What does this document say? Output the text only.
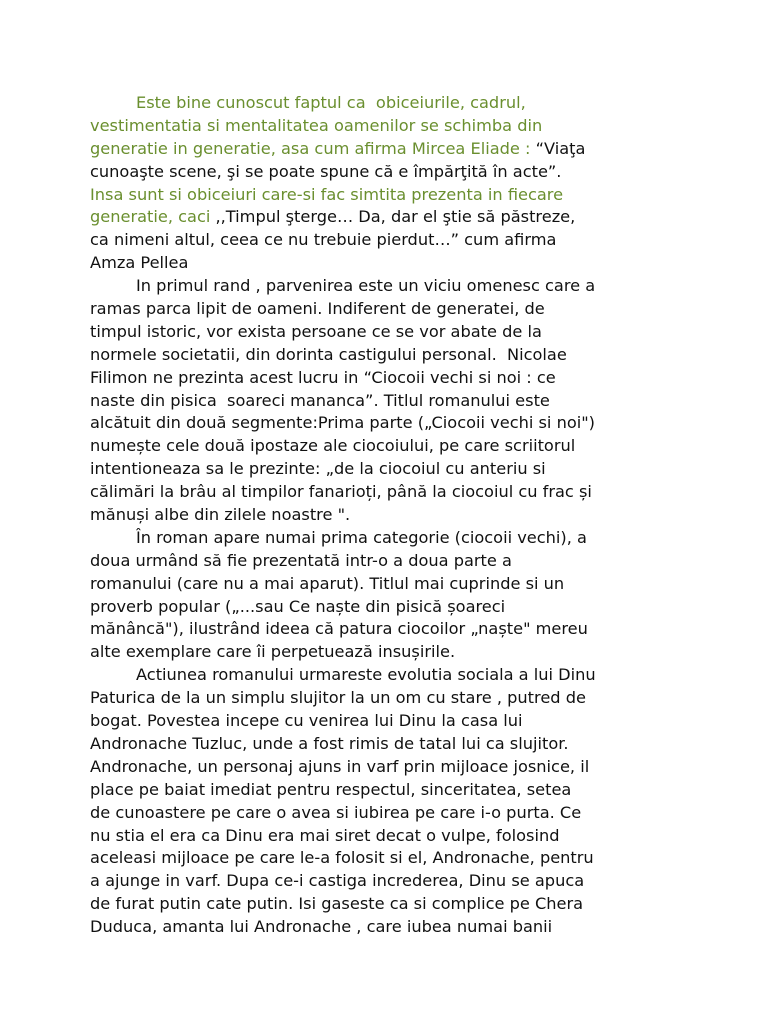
Este bine cunoscut faptul ca  obiceiurile, cadrul,
vestimentatia si mentalitatea oamenilor se schimba din
generatie in generatie, asa cum afirma Mircea Eliade : “Viaţa
cunoaşte scene, şi se poate spune că e împărţită în acte”.
Insa sunt si obiceiuri care-si fac simtita prezenta in fiecare
generatie, caci ,,Timpul şterge… Da, dar el ştie să păstreze,
ca nimeni altul, ceea ce nu trebuie pierdut…” cum afirma
Amza Pellea
In primul rand , parvenirea este un viciu omenesc care a
ramas parca lipit de oameni. Indiferent de generatei, de
timpul istoric, vor exista persoane ce se vor abate de la
normele societatii, din dorinta castigului personal.  Nicolae
Filimon ne prezinta acest lucru in “Ciocoii vechi si noi : ce
naste din pisica  soareci mananca”. Titlul romanului este
alcătuit din două segmente:Prima parte („Ciocoii vechi si noi")
numește cele două ipostaze ale ciocoiului, pe care scriitorul
intentioneaza sa le prezinte: „de la ciocoiul cu anteriu si
călimări la brâu al timpilor fanarioți, până la ciocoiul cu frac și
mănuși albe din zilele noastre ".
În roman apare numai prima categorie (ciocoii vechi), a
doua urmând să fie prezentată intr-o a doua parte a
romanului (care nu a mai aparut). Titlul mai cuprinde si un
proverb popular („...sau Ce naște din pisică șoareci
mănâncă"), ilustrând ideea că patura ciocoilor „naște" mereu
alte exemplare care îi perpetuează insușirile.
Actiunea romanului urmareste evolutia sociala a lui Dinu
Paturica de la un simplu slujitor la un om cu stare , putred de
bogat. Povestea incepe cu venirea lui Dinu la casa lui
Andronache Tuzluc, unde a fost rimis de tatal lui ca slujitor.
Andronache, un personaj ajuns in varf prin mijloace josnice, il
place pe baiat imediat pentru respectul, sinceritatea, setea
de cunoastere pe care o avea si iubirea pe care i-o purta. Ce
nu stia el era ca Dinu era mai siret decat o vulpe, folosind
aceleasi mijloace pe care le-a folosit si el, Andronache, pentru
a ajunge in varf. Dupa ce-i castiga increderea, Dinu se apuca
de furat putin cate putin. Isi gaseste ca si complice pe Chera
Duduca, amanta lui Andronache , care iubea numai banii
